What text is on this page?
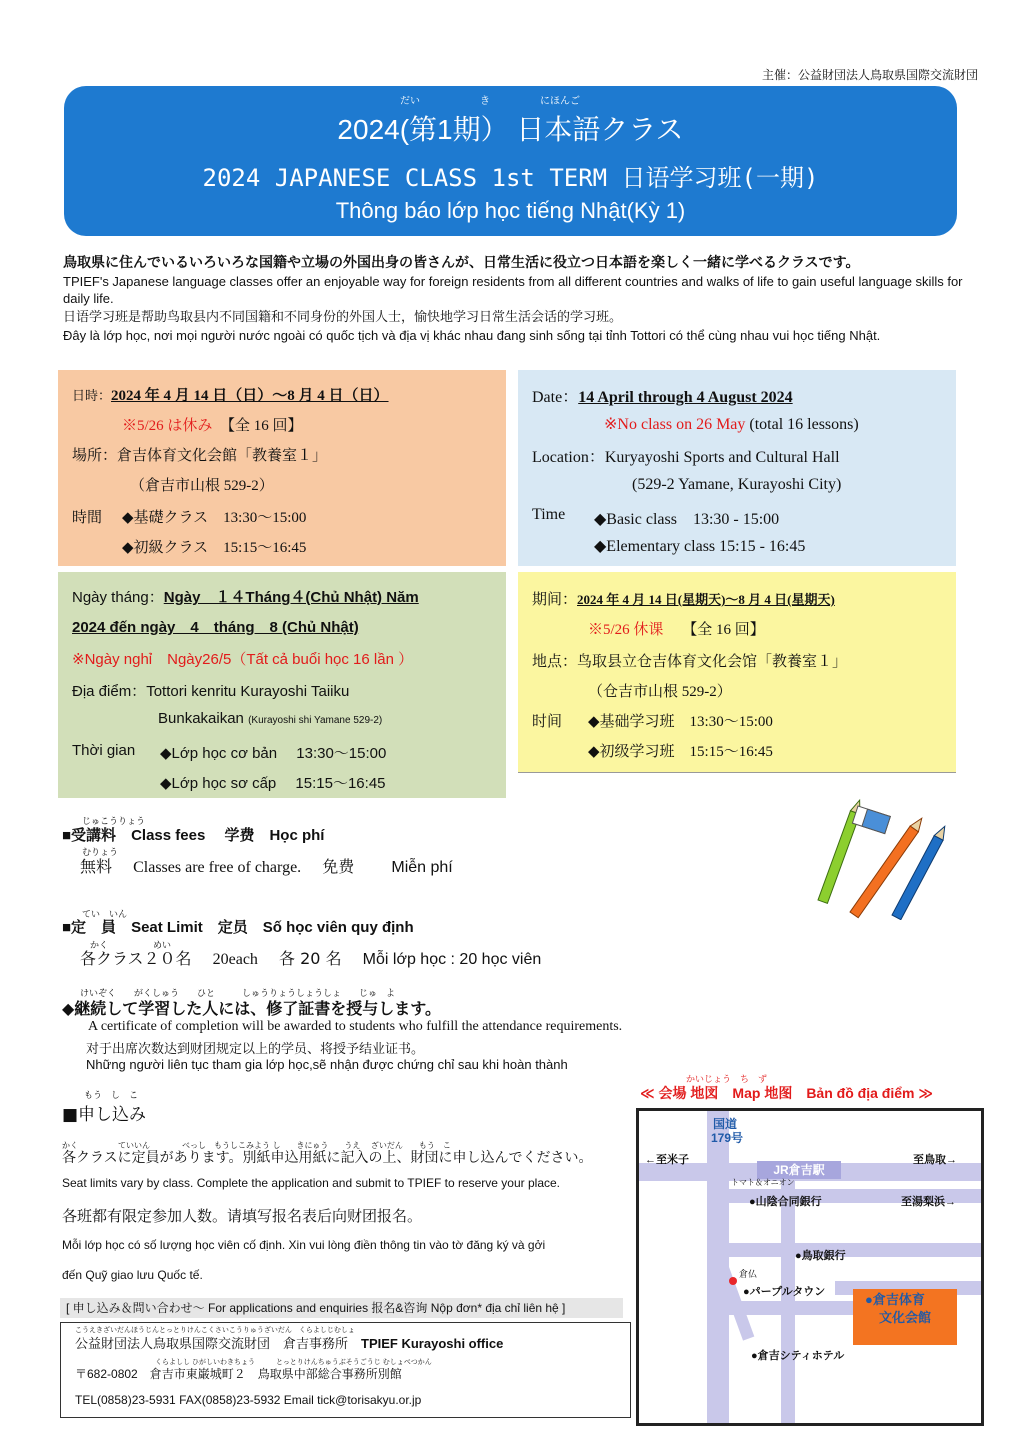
主催：公益財団法人鳥取県国際交流財団
だい	き	にほんご
2024(第1期） 日本語クラス
2024 JAPANESE CLASS 1st TERM 日语学习班(一期)
Thông báo lớp học tiếng Nhật(Kỳ 1)
鳥取県に住んでいるいろいろな国籍や立場の外国出身の皆さんが、日常生活に役立つ日本語を楽しく一緒に学べるクラスです。
TPIEF's Japanese language classes offer an enjoyable way for foreign residents from all different countries and walks of life to gain useful language skills for daily life.
日语学习班是帮助鸟取县内不同国籍和不同身份的外国人士，愉快地学习日常生活会话的学习班。
Đây là lớp học, nơi mọi người nước ngoài có quốc tịch và địa vị khác nhau đang sinh sống tại tỉnh Tottori có thể cùng nhau vui học tiếng Nhật.
日時：2024 年 4 月 14 日（日）～8 月 4 日（日）
※5/26 は休み　 【全 16 回】
場所：倉吉体育文化会館「教養室１」
（倉吉市山根 529-2）
時間 ◆基礎クラス　13:30～15:00
◆初級クラス　15:15～16:45
Date：14 April through 4 August 2024
※No class on 26 May (total 16 lessons)
Location：Kuryayoshi Sports and Cultural Hall
(529-2 Yamane, Kurayoshi City)
Time ◆Basic class　13:30 - 15:00
◆Elementary class 15:15 - 16:45
Ngày tháng：Ngày　１４Tháng４(Chủ Nhật) Năm
2024 đến ngày　4　tháng　8 (Chủ Nhật)
※Ngày nghỉ　Ngày26/5（Tất cả buổi học 16 lần ）
Địa điểm：Tottori kenritu Kurayoshi Taiiku
Bunkakaikan (Kurayoshi shi Yamane 529-2)
Thời gian ◆Lớp học cơ bản　 13:30～15:00
◆Lớp học sơ cấp　 15:15～16:45
期间：2024 年 4 月 14 日(星期天)～8 月 4 日(星期天)
※5/26 休课　 【全 16 回】
地点：鸟取县立仓吉体育文化会馆「教養室１」
（仓吉市山根 529-2）
时间 ◆基础学习班　13:30～15:00
◆初级学习班　15:15～16:45
じゅこうりょう
■受講料　 Class fees　 学费　Học phí
むりょう
無料　 Classes are free of charge.　 免费　　 Miễn phí
てい　いん
■定　員　 Seat Limit　定员　Số học viên quy định
かく　　　　　めい
各クラス２０名　 20each　 各 20 名　 Mỗi lớp học : 20 học viên
けいぞく　　がくしゅう　　ひと　　　しゅうりょうしょうしょ　　じゅ　よ
◆継続して学習した人には、修了証書を授与します。
A certificate of completion will be awarded to students who fulfill the attendance requirements.
对于出席次数达到财团规定以上的学员、将授予结业证书。
Những người liên tục tham gia lớp học,sẽ nhận được chứng chỉ sau khi hoàn thành
もう　し　こ
■申し込み
かく　　　　　ていいん　　　　べっし　もうしこみよう し　　きにゅう　　うえ　 ざいだん　　もう　こ
各クラスに定員があります。別紙申込用紙に記入の上、財団に申し込んでください。
Seat limits vary by class. Complete the application and submit to TPIEF to reserve your place.
各班都有限定参加人数。请填写报名表后向财团报名。
Mỗi lớp học có số lượng học viên cố định. Xin vui lòng điền thông tin vào tờ đăng ký và gởi
đến Quỹ giao lưu Quốc tế.
[ 申し込み＆問い合わせ～ For applications and enquiries 报名&咨询 Nộp đơn* địa chỉ liên hệ ]
こうえきざいだんほうじんとっとりけんこくさいこうりゅうざいだん　くらよしじむしょ
公益財団法人鳥取県国際交流財団　倉吉事務所　 TPIEF Kurayoshi office
くらよしし ひがしいわきちょう　　　とっとりけんちゅうぶそうごうじ むしょべつかん
〒682-0802　倉吉市東巌城町２　鳥取県中部総合事務所別館
TEL(0858)23-5931 FAX(0858)23-5932 Email tick@torisakyu.or.jp
かいじょう　ち　ず
≪ 会場 地図　Map 地图　Bản đồ địa điểm ≫
国道
179号
←至米子	至鳥取→
JR倉吉駅
トマト＆オニオン
●山陰合同銀行	至湯梨浜→
●鳥取銀行
倉仏
●パープルタウン	●倉吉体育
文化会館
●倉吉シティホテル
